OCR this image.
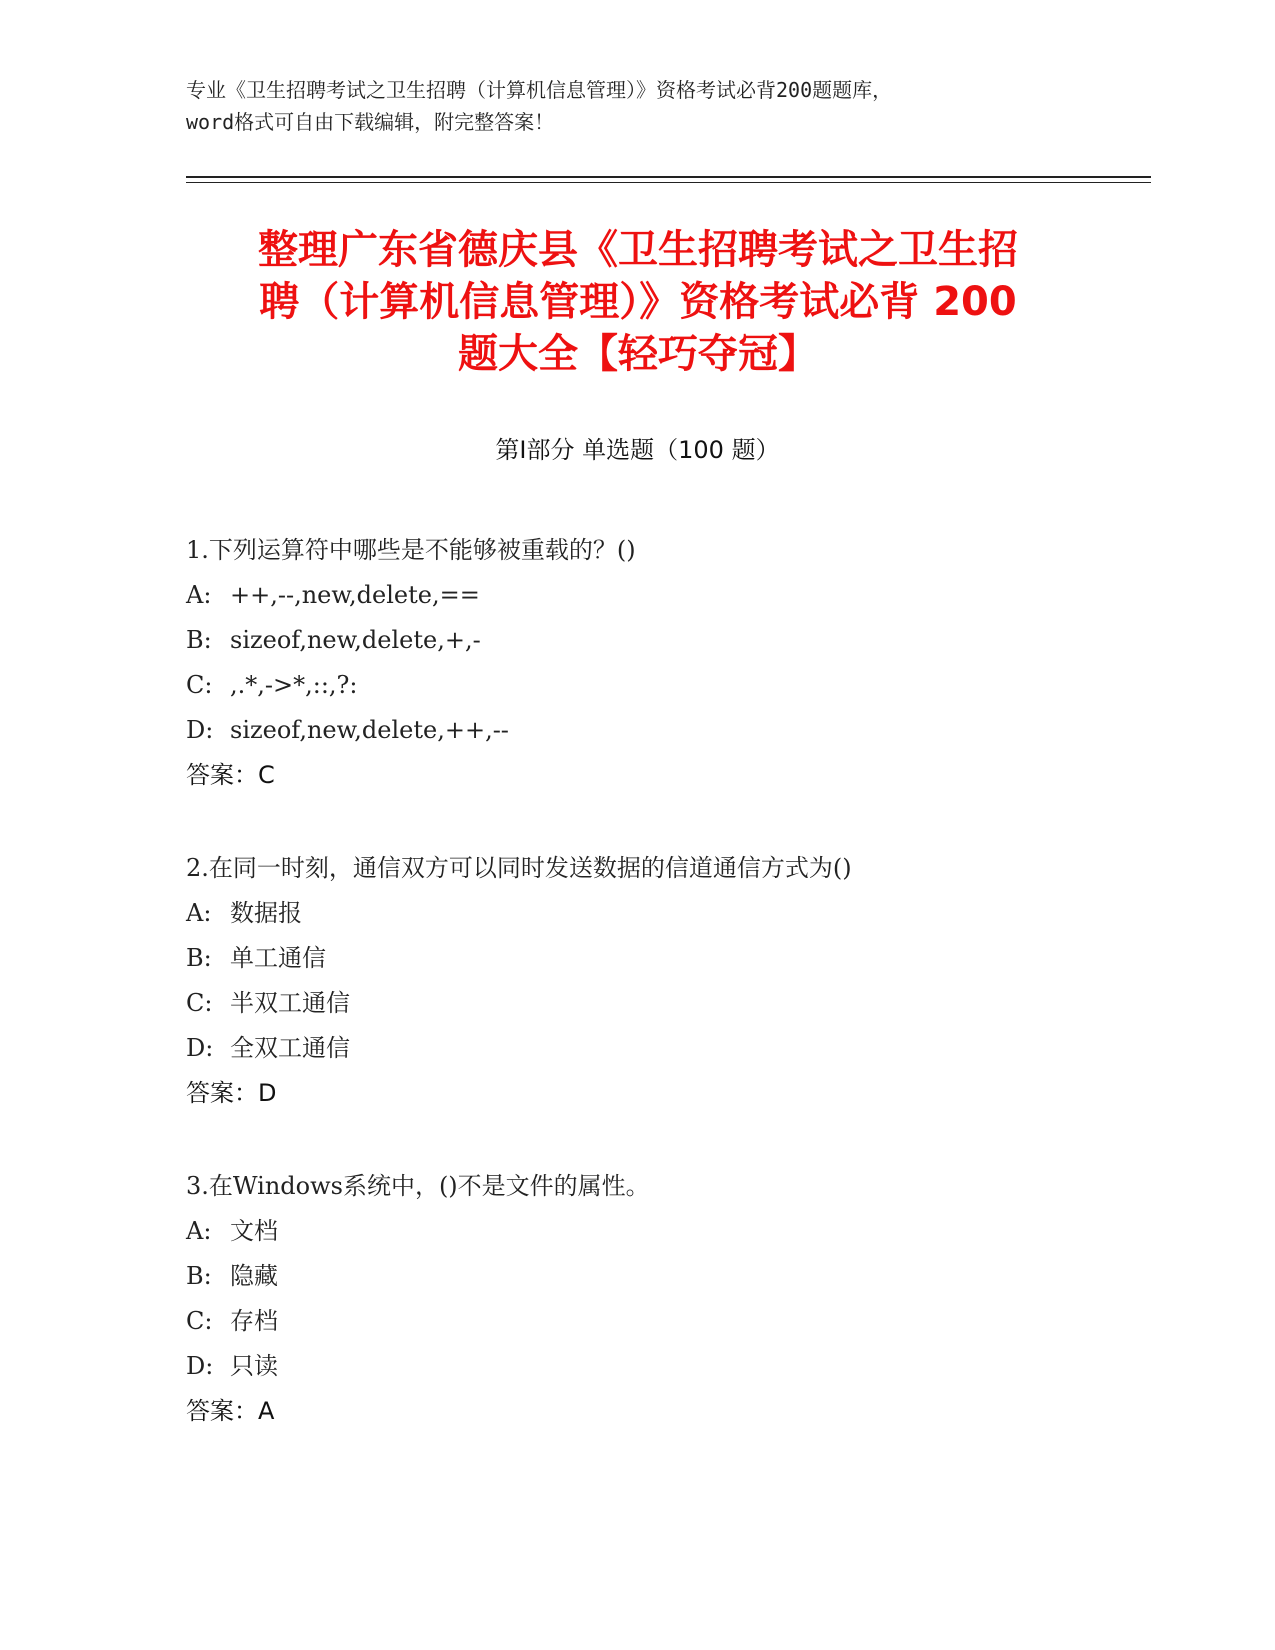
专业《卫生招聘考试之卫生招聘（计算机信息管理）》资格考试必背200题题库，
word格式可自由下载编辑，附完整答案！
整理广东省德庆县《卫生招聘考试之卫生招
聘（计算机信息管理）》资格考试必背 200
题大全【轻巧夺冠】
第Ⅰ部分 单选题（100 题）
1.下列运算符中哪些是不能够被重载的？()
A: ++,--,new,delete,==
B: sizeof,new,delete,+,-
C: ,.*,->*,::,?:
D: sizeof,new,delete,++,--
答案：C
2.在同一时刻，通信双方可以同时发送数据的信道通信方式为()
A: 数据报
B: 单工通信
C: 半双工通信
D: 全双工通信
答案：D
3.在Windows系统中，()不是文件的属性。
A: 文档
B: 隐藏
C: 存档
D: 只读
答案：A
